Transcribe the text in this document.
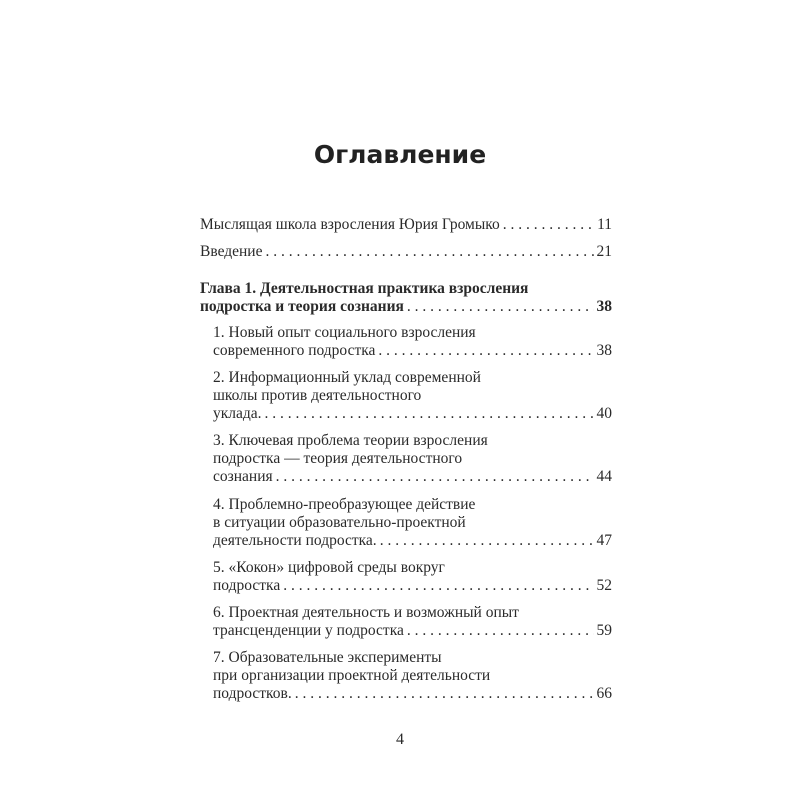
Оглавление
Мыслящая школа взросления Юрия Громыко . . .	11
Введение . . .	21
Глава 1. Деятельностная практика взросления
подростка и теория сознания . . .	38
1. Новый опыт социального взросления
современного подростка . . .	38
2. Информационный уклад современной
школы против деятельностного
уклада. . . .	40
3. Ключевая проблема теории взросления
подростка — теория деятельностного
сознания . . .	44
4. Проблемно-преобразующее действие
в ситуации образовательно-проектной
деятельности подростка. . . .	47
5. «Кокон» цифровой среды вокруг
подростка . . .	52
6. Проектная деятельность и возможный опыт
трансценденции у подростка . . .	59
7. Образовательные эксперименты
при организации проектной деятельности
подростков. . . .	66
4
